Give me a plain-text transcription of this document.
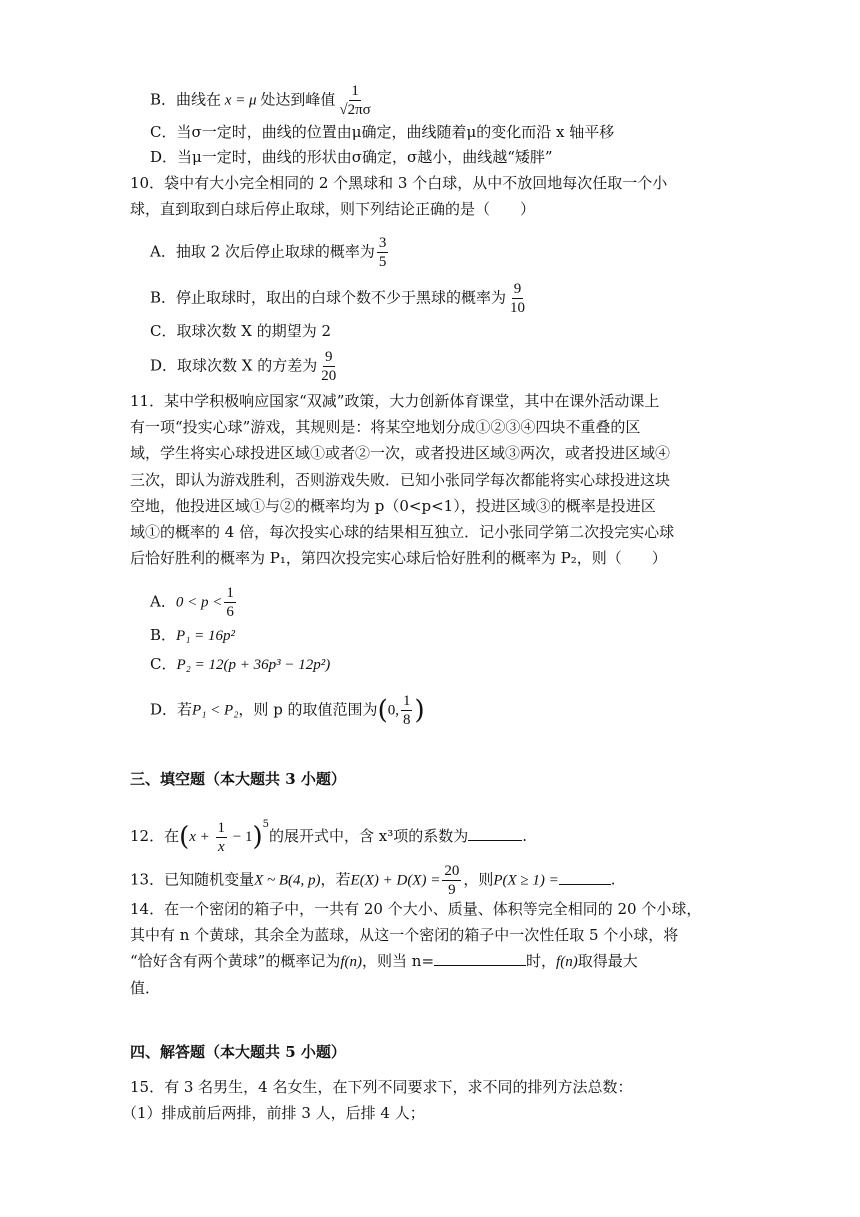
B．曲线在 x = μ 处达到峰值 $\frac{1}{√2\pi\sigma}$
C．当σ一定时，曲线的位置由μ确定，曲线随着μ的变化而沿 x 轴平移
D．当μ一定时，曲线的形状由σ确定，σ越小，曲线越“矮胖”
10．袋中有大小完全相同的 2 个黑球和 3 个白球，从中不放回地每次任取一个小
球，直到取到白球后停止取球，则下列结论正确的是（　　）
A．抽取 2 次后停止取球的概率为 $\frac{3}{5}$
B．停止取球时，取出的白球个数不少于黑球的概率为 $\frac{9}{10}$
C．取球次数 X 的期望为 2
D．取球次数 X 的方差为 $\frac{9}{20}$
11．某中学积极响应国家“双减”政策，大力创新体育课堂，其中在课外活动课上
有一项“投实心球”游戏，其规则是：将某空地划分成①②③④四块不重叠的区
域，学生将实心球投进区域①或者②一次，或者投进区域③两次，或者投进区域④
三次，即认为游戏胜利，否则游戏失败．已知小张同学每次都能将实心球投进这块
空地，他投进区域①与②的概率均为 p（0<p<1），投进区域③的概率是投进区
域①的概率的 4 倍，每次投实心球的结果相互独立．记小张同学第二次投完实心球
后恰好胜利的概率为 P₁，第四次投完实心球后恰好胜利的概率为 P₂，则（　　）
A．$0 < p < \frac{1}{6}$
B．P₁ = 16p²
C．P₂ = 12(p + 36p³ − 12p²)
D．若P₁ < P₂，则 p 的取值范围为(0, $\frac{1}{8}$ )
三、填空题（本大题共 3 小题）
12．在$(x + \frac{1}{x} - 1)^5$的展开式中，含 x³项的系数为	.
13．已知随机变量X ~ B(4, p)，若$E(X) + D(X) = \frac{20}{9}$ ，则P(X ≥ 1) =	.
14．在一个密闭的箱子中，一共有 20 个大小、质量、体积等完全相同的 20 个小球，
其中有 n 个黄球，其余全为蓝球，从这一个密闭的箱子中一次性任取 5 个小球，将
“恰好含有两个黄球”的概率记为f(n)，则当 n=	时，f(n)取得最大
值．
四、解答题（本大题共 5 小题）
15．有 3 名男生，4 名女生，在下列不同要求下，求不同的排列方法总数：
（1）排成前后两排，前排 3 人，后排 4 人；
